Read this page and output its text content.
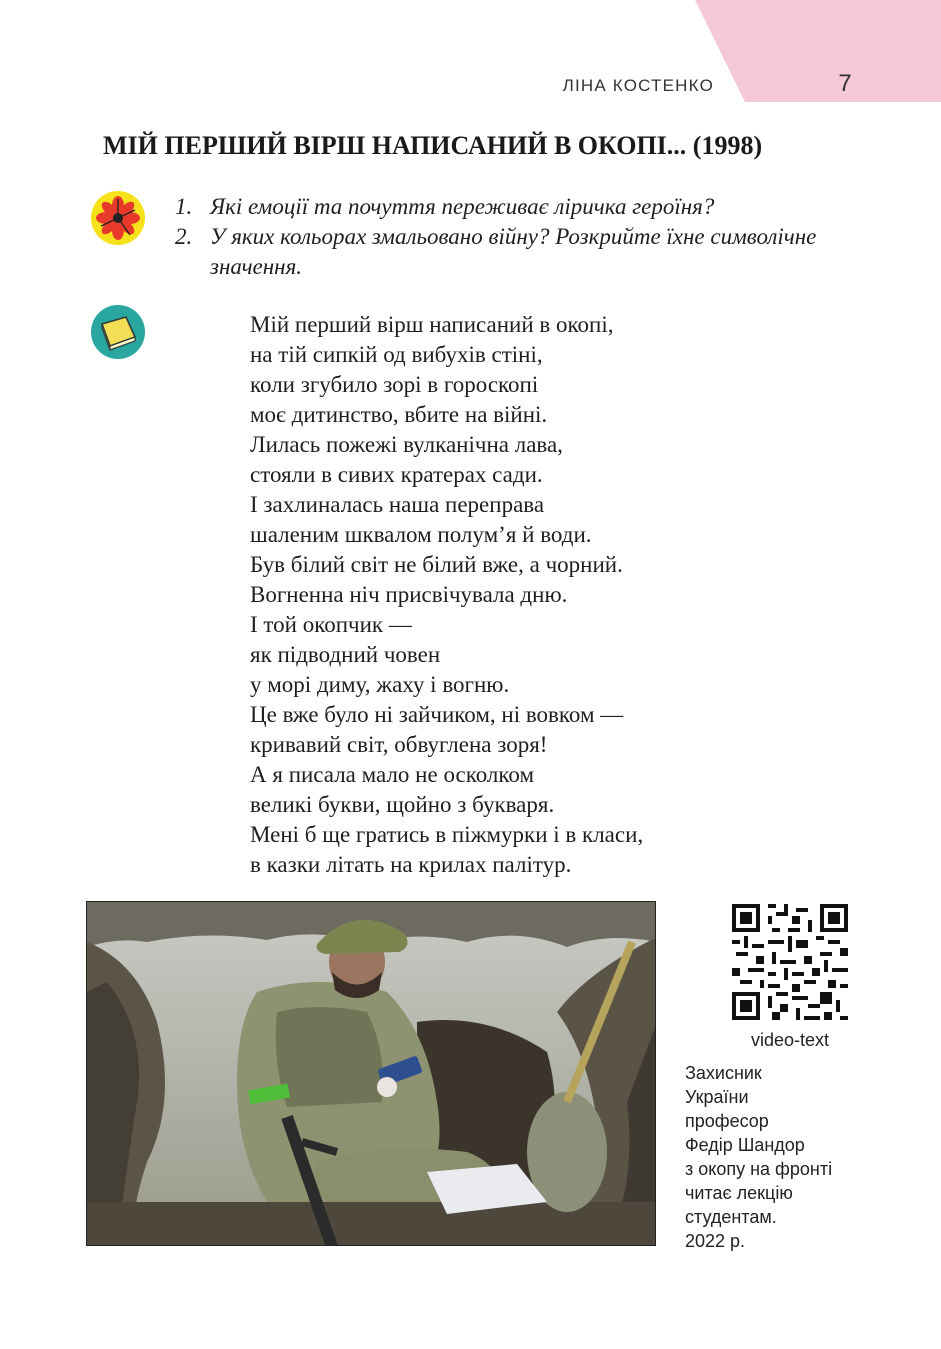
ЛІНА КОСТЕНКО	7
МІЙ ПЕРШИЙ ВІРШ НАПИСАНИЙ В ОКОПІ... (1998)
1. Які емоції та почуття переживає ліричка героїня?
2. У яких кольорах змальовано війну? Розкрийте їхне символічне значення.
Мій перший вірш написаний в окопі,
на тій сипкій од вибухів стіні,
коли згубило зорі в гороскопі
моє дитинство, вбите на війні.
Лилась пожежі вулканічна лава,
стояли в сивих кратерах сади.
І захлиналась наша переправа
шаленим шквалом полум’я й води.
Був білий світ не білий вже, а чорний.
Вогненна ніч присвічувала дню.
І той окопчик —
як підводний човен
у морі диму, жаху і вогню.
Це вже було ні зайчиком, ні вовком —
кривавий світ, обвуглена зоря!
А я писала мало не осколком
великі букви, щойно з букваря.
Мені б ще гратись в піжмурки і в класи,
в казки літать на крилах палітур.
video-text
Захисник
України
професор
Федір Шандор
з окопу на фронті
читає лекцію
студентам.
2022 р.
